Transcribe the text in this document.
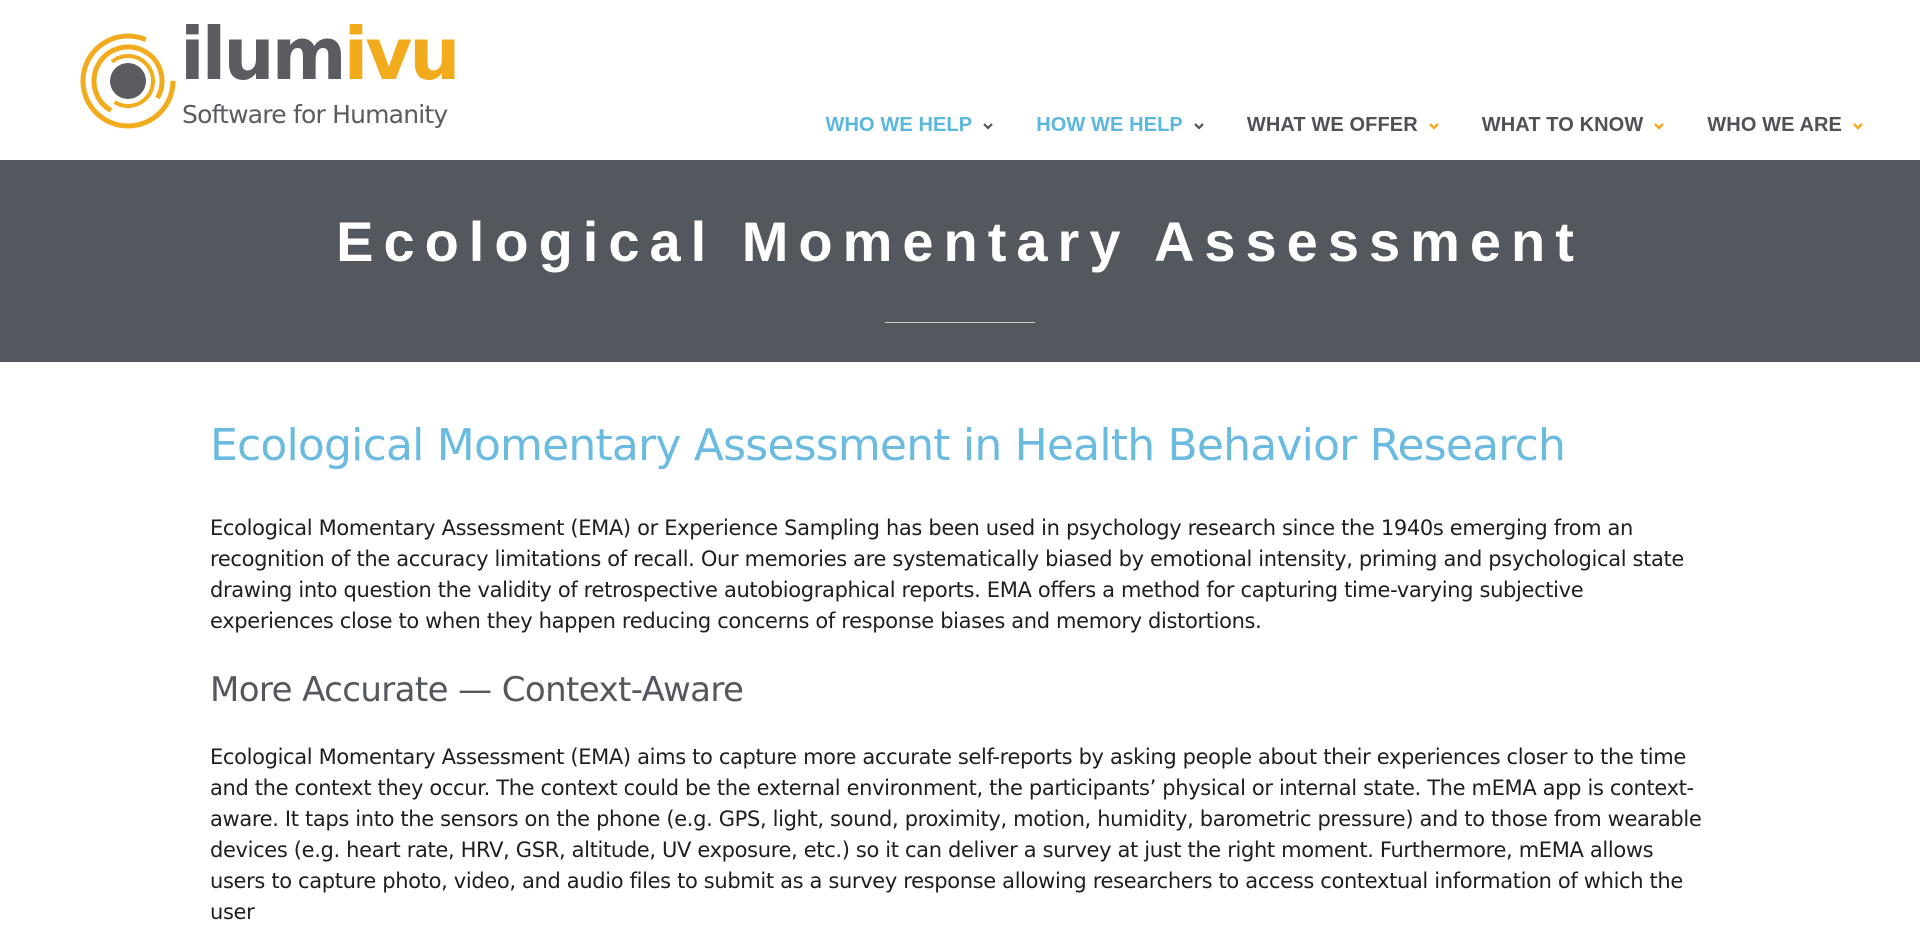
ilumivu
Software for Humanity	WHO WE HELP	HOW WE HELP	WHAT WE OFFER	WHAT TO KNOW	WHO WE ARE
Ecological Momentary Assessment
Ecological Momentary Assessment in Health Behavior Research

Ecological Momentary Assessment (EMA) or Experience Sampling has been used in psychology research since the 1940s emerging from an recognition of the accuracy limitations of recall. Our memories are systematically biased by emotional intensity, priming and psychological state drawing into question the validity of retrospective autobiographical reports. EMA offers a method for capturing time-varying subjective experiences close to when they happen reducing concerns of response biases and memory distortions.

More Accurate — Context-Aware

Ecological Momentary Assessment (EMA) aims to capture more accurate self-reports by asking people about their experiences closer to the time and the context they occur. The context could be the external environment, the participants’ physical or internal state. The mEMA app is context-aware. It taps into the sensors on the phone (e.g. GPS, light, sound, proximity, motion, humidity, barometric pressure) and to those from wearable devices (e.g. heart rate, HRV, GSR, altitude, UV exposure, etc.) so it can deliver a survey at just the right moment. Furthermore, mEMA allows users to capture photo, video, and audio files to submit as a survey response allowing researchers to access contextual information of which the user
